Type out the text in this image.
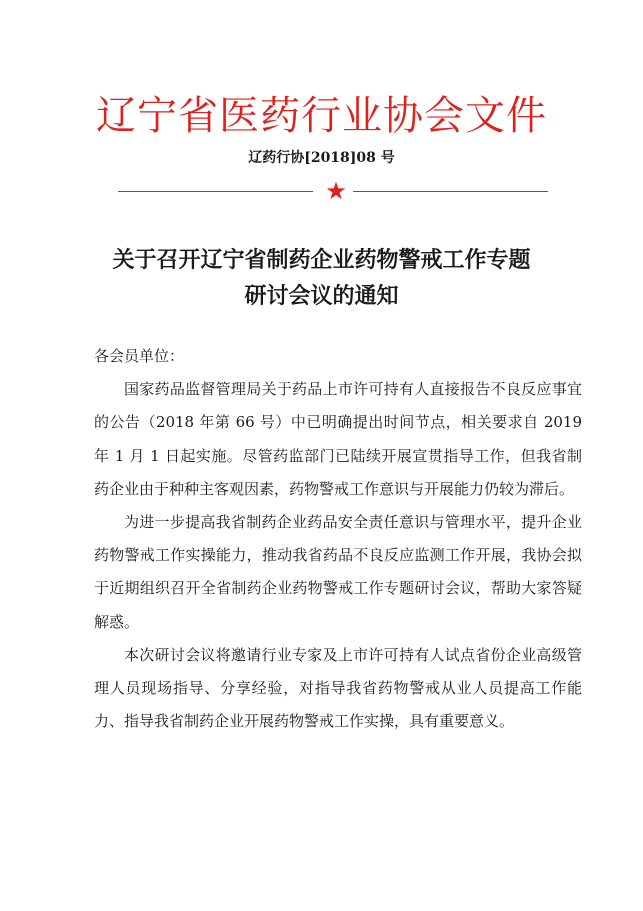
辽宁省医药行业协会文件
辽药行协[2018]08 号
★
关于召开辽宁省制药企业药物警戒工作专题
研讨会议的通知

各会员单位：

国家药品监督管理局关于药品上市许可持有人直接报告不良反应事宜的公告（2018 年第 66 号）中已明确提出时间节点，相关要求自 2019 年 1 月 1 日起实施。尽管药监部门已陆续开展宣贯指导工作，但我省制药企业由于种种主客观因素，药物警戒工作意识与开展能力仍较为滞后。

为进一步提高我省制药企业药品安全责任意识与管理水平，提升企业药物警戒工作实操能力，推动我省药品不良反应监测工作开展，我协会拟于近期组织召开全省制药企业药物警戒工作专题研讨会议，帮助大家答疑解惑。

本次研讨会议将邀请行业专家及上市许可持有人试点省份企业高级管理人员现场指导、分享经验，对指导我省药物警戒从业人员提高工作能力、指导我省制药企业开展药物警戒工作实操，具有重要意义。
